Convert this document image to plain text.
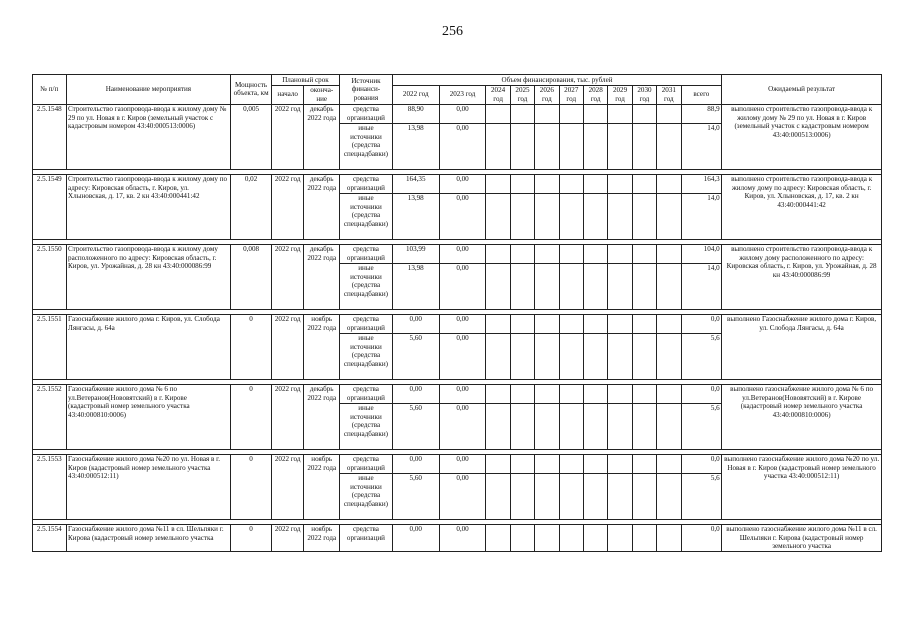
256
№ п/п	Наименование мероприятия	Мощность объекта, км	Плановый срок		Источник финанси- рования	Объем финансирования, тыс. рублей											Ожидаемый результат
			начало	оконча- ние		2022 год	2023 год	2024 год	2025 год	2026 год	2027 год	2028 год	2029 год	2030 год	2031 год	всего	
2.5.1548	Строительство газопровода-ввода к жилому дому № 29 по ул. Новая в г. Киров (земельный участок с кадастровым номером 43:40:000513:0006)	0,005	2022 год	декабрь 2022 года	средства организаций	88,90	0,00									88,9	выполнено строительство газопровода-ввода к жилому дому № 29 по ул. Новая в г. Киров (земельный участок с кадастровым номером 43:40:000513:0006)
					иные источники (средства спецнадбавки)	13,98	0,00									14,0	

2.5.1549	Строительство газопровода-ввода к жилому дому по адресу: Кировская область, г. Киров, ул. Хлыновская, д. 17, кв. 2 кн 43:40:000441:42	0,02	2022 год	декабрь 2022 года	средства организаций	164,35	0,00									164,3	выполнено строительство газопровода-ввода к жилому дому по адресу: Кировская область, г. Киров, ул. Хлыновская, д. 17, кв. 2 кн 43:40:000441:42
					иные источники (средства спецнадбавки)	13,98	0,00									14,0	

2.5.1550	Строительство газопровода-ввода к жилому дому расположенного по адресу: Кировская область, г. Киров, ул. Урожайная, д. 28 кн 43:40:000086:99	0,008	2022 год	декабрь 2022 года	средства организаций	103,99	0,00									104,0	выполнено строительство газопровода-ввода к жилому дому расположенного по адресу: Кировская область, г. Киров, ул. Урожайная, д. 28 кн 43:40:000086:99
					иные источники (средства спецнадбавки)	13,98	0,00									14,0	

2.5.1551	Газоснабжение жилого дома г. Киров, ул. Слобода Лянгасы, д. 64а	0	2022 год	ноябрь 2022 года	средства организаций	0,00	0,00									0,0	выполнено Газоснабжение жилого дома г. Киров, ул. Слобода Лянгасы, д. 64а
					иные источники (средства спецнадбавки)	5,60	0,00									5,6	

2.5.1552	Газоснабжение жилого дома № 6 по ул.Ветеранов(Нововятский) в г. Кирове (кадастровый номер земельного участка 43:40:000810:0006)	0	2022 год	декабрь 2022 года	средства организаций	0,00	0,00									0,0	выполнено газоснабжение жилого дома № 6 по ул.Ветеранов(Нововятский) в г. Кирове (кадастровый номер земельного участка 43:40:000810:0006)
					иные источники (средства спецнадбавки)	5,60	0,00									5,6	

2.5.1553	Газоснабжение жилого дома №20 по ул. Новая в г. Киров (кадастровый номер земельного участка 43:40:000512:11)	0	2022 год	ноябрь 2022 года	средства организаций	0,00	0,00									0,0	выполнено газоснабжение жилого дома №20 по ул. Новая в г. Киров (кадастровый номер земельного участка 43:40:000512:11)
					иные источники (средства спецнадбавки)	5,60	0,00									5,6	

2.5.1554	Газоснабжение жилого дома №11 в сл. Шельпяки г. Кирова (кадастровый номер земельного участка	0	2022 год	ноябрь 2022 года	средства организаций	0,00	0,00									0,0	выполнено газоснабжение жилого дома №11 в сл. Шельпяки г. Кирова (кадастровый номер земельного участка
